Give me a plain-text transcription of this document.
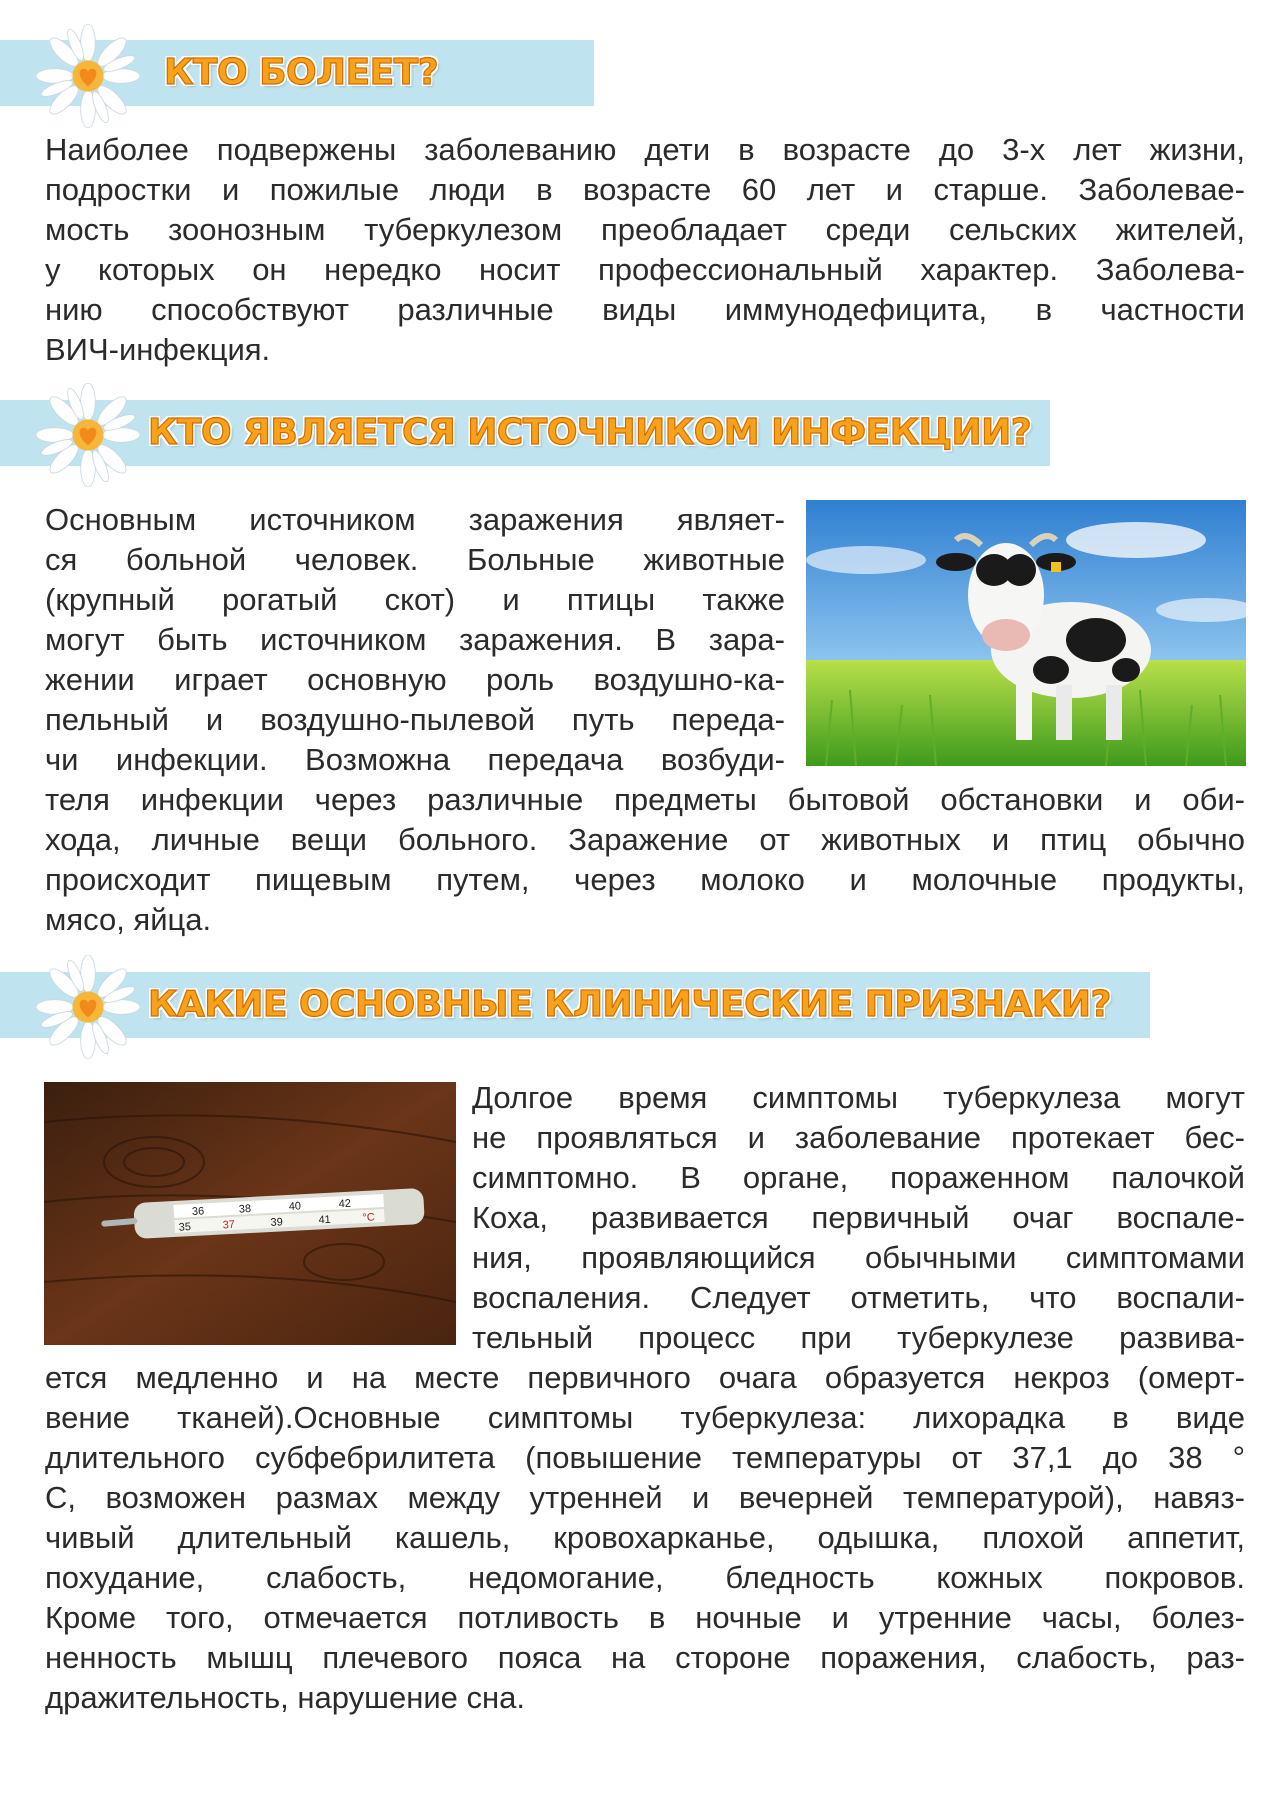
КТО БОЛЕЕТ?
Наиболее подвержены заболеванию дети в возрасте до 3-х лет жизни,
подростки и пожилые люди в возрасте 60 лет и старше. Заболевае-
мость зоонозным туберкулезом преобладает среди сельских жителей,
у которых он нередко носит профессиональный характер. Заболева-
нию способствуют различные виды иммунодефицита, в частности
ВИЧ-инфекция.
КТО ЯВЛЯЕТСЯ ИСТОЧНИКОМ ИНФЕКЦИИ?
Основным источником заражения являет-
ся больной человек. Больные животные
(крупный рогатый скот) и птицы также
могут быть источником заражения. В зара-
жении играет основную роль воздушно-ка-
пельный и воздушно-пылевой путь переда-
чи инфекции. Возможна передача возбуди-
теля инфекции через различные предметы бытовой обстановки и оби-
хода, личные вещи больного. Заражение от животных и птиц обычно
происходит пищевым путем, через молоко и молочные продукты,
мясо, яйца.
КАКИЕ ОСНОВНЫЕ КЛИНИЧЕСКИЕ ПРИЗНАКИ?
36	38	40	42
35	37	39	41	°C
Долгое время симптомы туберкулеза могут
не проявляться и заболевание протекает бес-
симптомно. В органе, пораженном палочкой
Коха, развивается первичный очаг воспале-
ния, проявляющийся обычными симптомами
воспаления. Следует отметить, что воспали-
тельный процесс при туберкулезе развива-
ется медленно и на месте первичного очага образуется некроз (омерт-
вение тканей).Основные симптомы туберкулеза: лихорадка в виде
длительного субфебрилитета (повышение температуры от 37,1 до 38 °
С, возможен размах между утренней и вечерней температурой), навяз-
чивый длительный кашель, кровохарканье, одышка, плохой аппетит,
похудание, слабость, недомогание, бледность кожных покровов.
Кроме того, отмечается потливость в ночные и утренние часы, болез-
ненность мышц плечевого пояса на стороне поражения, слабость, раз-
дражительность, нарушение сна.
